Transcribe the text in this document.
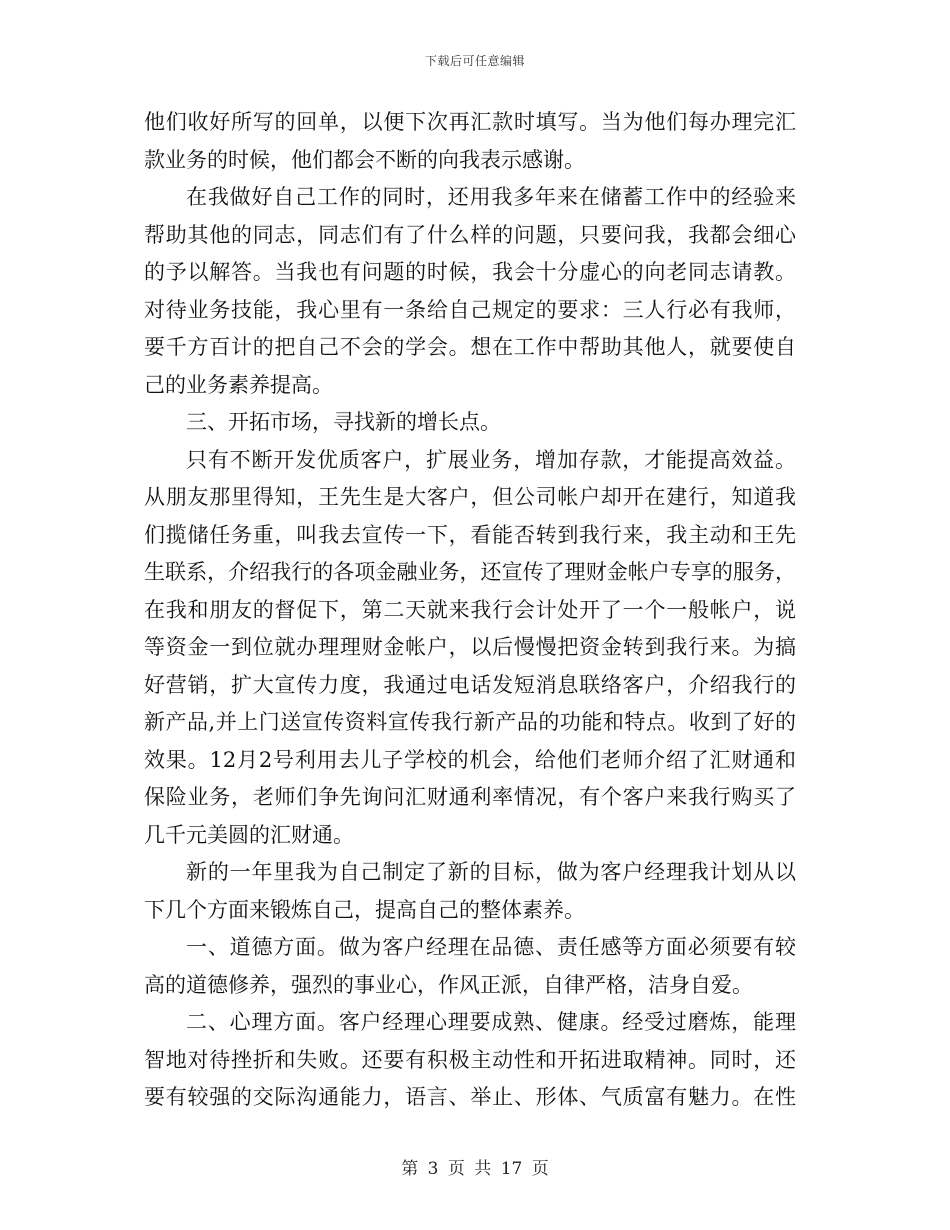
下载后可任意编辑
他们收好所写的回单，以便下次再汇款时填写。当为他们每办理完汇
款业务的时候，他们都会不断的向我表示感谢。
在我做好自己工作的同时，还用我多年来在储蓄工作中的经验来
帮助其他的同志，同志们有了什么样的问题，只要问我，我都会细心
的予以解答。当我也有问题的时候，我会十分虚心的向老同志请教。
对待业务技能，我心里有一条给自己规定的要求：三人行必有我师，
要千方百计的把自己不会的学会。想在工作中帮助其他人，就要使自
己的业务素养提高。
三、开拓市场，寻找新的增长点。
只有不断开发优质客户，扩展业务，增加存款，才能提高效益。
从朋友那里得知，王先生是大客户，但公司帐户却开在建行，知道我
们揽储任务重，叫我去宣传一下，看能否转到我行来，我主动和王先
生联系，介绍我行的各项金融业务，还宣传了理财金帐户专享的服务，
在我和朋友的督促下，第二天就来我行会计处开了一个一般帐户，说
等资金一到位就办理理财金帐户，以后慢慢把资金转到我行来。为搞
好营销，扩大宣传力度，我通过电话发短消息联络客户，介绍我行的
新产品,并上门送宣传资料宣传我行新产品的功能和特点。收到了好的
效果。12月2号利用去儿子学校的机会，给他们老师介绍了汇财通和
保险业务，老师们争先询问汇财通利率情况，有个客户来我行购买了
几千元美圆的汇财通。
新的一年里我为自己制定了新的目标，做为客户经理我计划从以
下几个方面来锻炼自己，提高自己的整体素养。
一、道德方面。做为客户经理在品德、责任感等方面必须要有较
高的道德修养，强烈的事业心，作风正派，自律严格，洁身自爱。
二、心理方面。客户经理心理要成熟、健康。经受过磨炼，能理
智地对待挫折和失败。还要有积极主动性和开拓进取精神。同时，还
要有较强的交际沟通能力，语言、举止、形体、气质富有魅力。在性
第 3 页 共 17 页
